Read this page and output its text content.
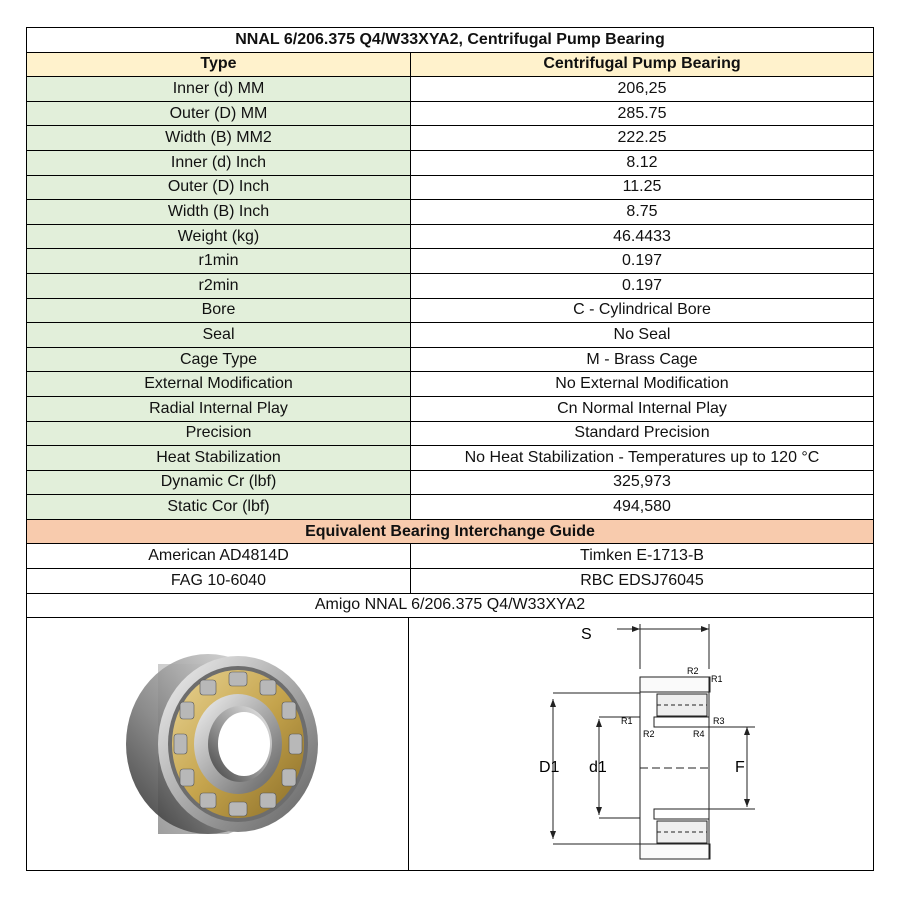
NNAL 6/206.375 Q4/W33XYA2, Centrifugal Pump Bearing
Type	Centrifugal Pump Bearing
Inner (d) MM	206,25
Outer (D) MM	285.75
Width (B) MM2	222.25
Inner (d) Inch	8.12
Outer (D) Inch	11.25
Width (B) Inch	8.75
Weight (kg)	46.4433
r1min	0.197
r2min	0.197
Bore	C - Cylindrical Bore
Seal	No Seal
Cage Type	M - Brass Cage
External Modification	No External Modification
Radial Internal Play	Cn Normal Internal Play
Precision	Standard Precision
Heat Stabilization	No Heat Stabilization - Temperatures up to 120 °C
Dynamic Cr (lbf)	325,973
Static Cor (lbf)	494,580
Equivalent Bearing Interchange Guide
American AD4814D	Timken E-1713-B
FAG 10-6040	RBC EDSJ76045
Amigo NNAL 6/206.375 Q4/W33XYA2
S
D1 d1	F
R2
R1
R1	R3
R2	R4
